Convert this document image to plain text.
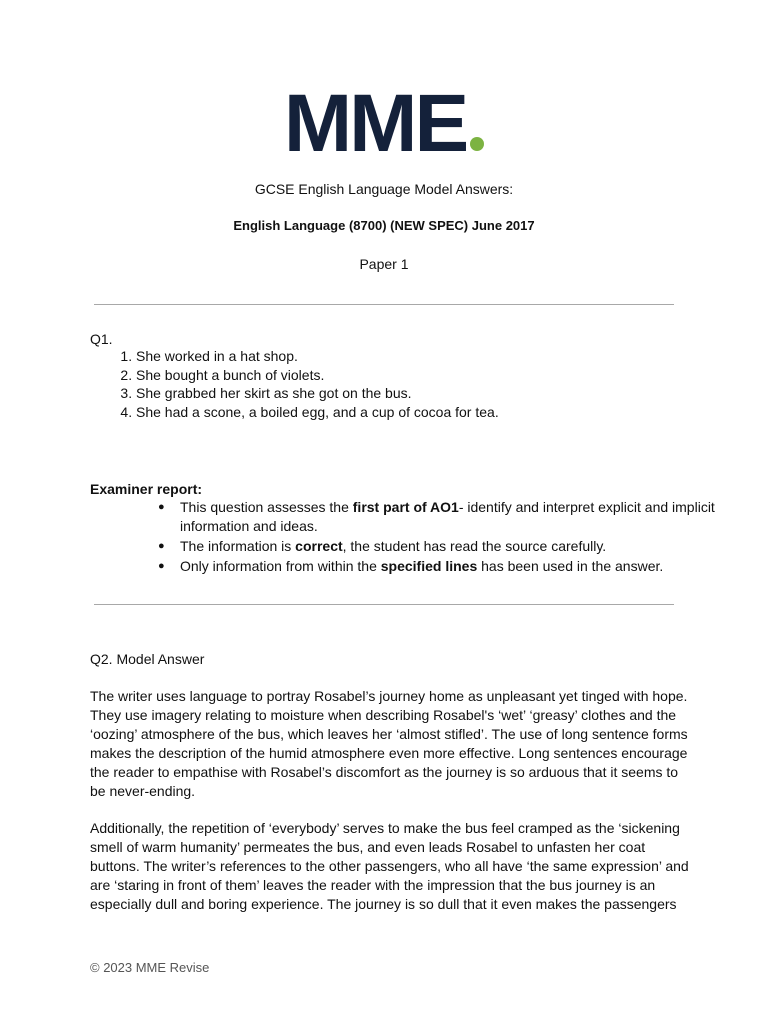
MME
GCSE English Language Model Answers:
English Language (8700) (NEW SPEC) June 2017
Paper 1
Q1.
1. She worked in a hat shop.
2. She bought a bunch of violets.
3. She grabbed her skirt as she got on the bus.
4. She had a scone, a boiled egg, and a cup of cocoa for tea.
Examiner report:
● This question assesses the first part of AO1- identify and interpret explicit and implicit information and ideas.
● The information is correct, the student has read the source carefully.
● Only information from within the specified lines has been used in the answer.
Q2. Model Answer
The writer uses language to portray Rosabel’s journey home as unpleasant yet tinged with hope. They use imagery relating to moisture when describing Rosabel's ‘wet’ ‘greasy’ clothes and the ‘oozing’ atmosphere of the bus, which leaves her ‘almost stifled’. The use of long sentence forms makes the description of the humid atmosphere even more effective. Long sentences encourage the reader to empathise with Rosabel’s discomfort as the journey is so arduous that it seems to be never-ending.
Additionally, the repetition of ‘everybody’ serves to make the bus feel cramped as the ‘sickening smell of warm humanity’ permeates the bus, and even leads Rosabel to unfasten her coat buttons. The writer’s references to the other passengers, who all have ‘the same expression’ and are ‘staring in front of them’ leaves the reader with the impression that the bus journey is an especially dull and boring experience. The journey is so dull that it even makes the passengers
© 2023 MME Revise
